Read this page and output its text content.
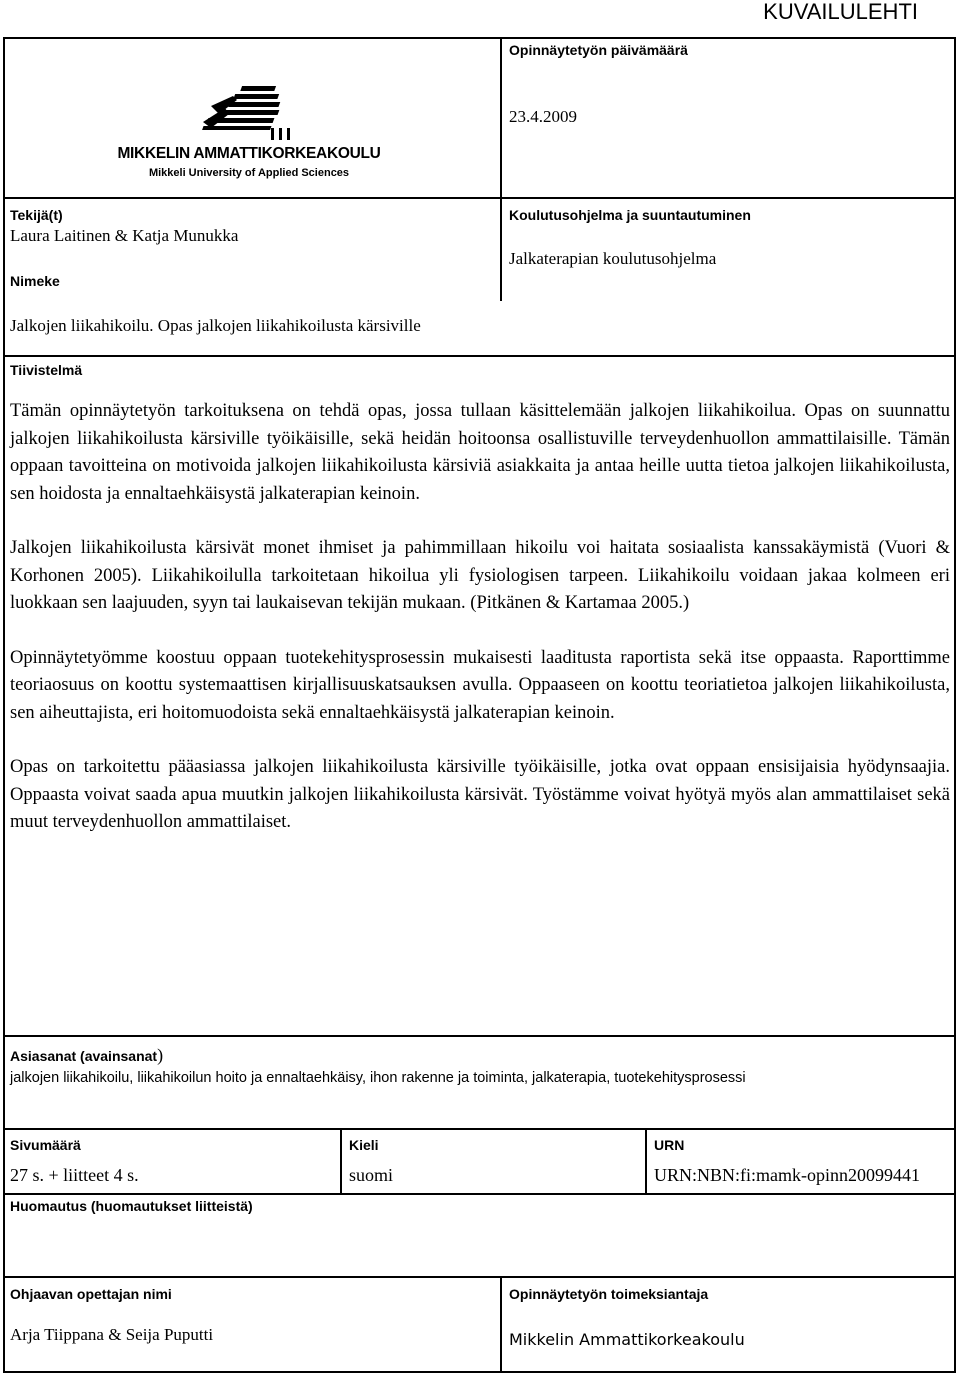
KUVAILULEHTI
MIKKELIN AMMATTIKORKEAKOULU
Mikkeli University of Applied Sciences
Opinnäytetyön päivämäärä
23.4.2009
Tekijä(t)
Laura Laitinen & Katja Munukka
Koulutusohjelma ja suuntautuminen
Jalkaterapian koulutusohjelma
Nimeke
Jalkojen liikahikoilu. Opas jalkojen liikahikoilusta kärsiville
Tiivistelmä

Tämän opinnäytetyön tarkoituksena on tehdä opas, jossa tullaan käsittelemään jalkojen liikahikoilua. Opas on suunnattu jalkojen liikahikoilusta kärsiville työikäisille, sekä heidän hoitoonsa osallistuville terveydenhuollon ammattilaisille. Tämän oppaan tavoitteina on motivoida jalkojen liikahikoilusta kärsiviä asiakkaita ja antaa heille uutta tietoa jalkojen liikahikoilusta, sen hoidosta ja ennaltaehkäisystä jalkaterapian keinoin.

Jalkojen liikahikoilusta kärsivät monet ihmiset ja pahimmillaan hikoilu voi haitata sosiaalista kanssakäymistä (Vuori & Korhonen 2005). Liikahikoilulla tarkoitetaan hikoilua yli fysiologisen tarpeen. Liikahikoilu voidaan jakaa kolmeen eri luokkaan sen laajuuden, syyn tai laukaisevan tekijän mukaan. (Pitkänen & Kartamaa 2005.)

Opinnäytetyömme koostuu oppaan tuotekehitysprosessin mukaisesti laaditusta raportista sekä itse oppaasta. Raporttimme teoriaosuus on koottu systemaattisen kirjallisuuskatsauksen avulla. Oppaaseen on koottu teoriatietoa jalkojen liikahikoilusta, sen aiheuttajista, eri hoitomuodoista sekä ennaltaehkäisystä jalkaterapian keinoin.

Opas on tarkoitettu pääasiassa jalkojen liikahikoilusta kärsiville työikäisille, jotka ovat oppaan ensisijaisia hyödynsaajia. Oppaasta voivat saada apua muutkin jalkojen liikahikoilusta kärsivät. Työstämme voivat hyötyä myös alan ammattilaiset sekä muut terveydenhuollon ammattilaiset.

Asiasanat (avainsanat)
jalkojen liikahikoilu, liikahikoilun hoito ja ennaltaehkäisy, ihon rakenne ja toiminta, jalkaterapia, tuotekehitysprosessi
Sivumäärä
27 s. + liitteet 4 s.
Kieli
suomi
URN
URN:NBN:fi:mamk-opinn20099441
Huomautus (huomautukset liitteistä)
Ohjaavan opettajan nimi
Arja Tiippana & Seija Puputti
Opinnäytetyön toimeksiantaja
Mikkelin Ammattikorkeakoulu
